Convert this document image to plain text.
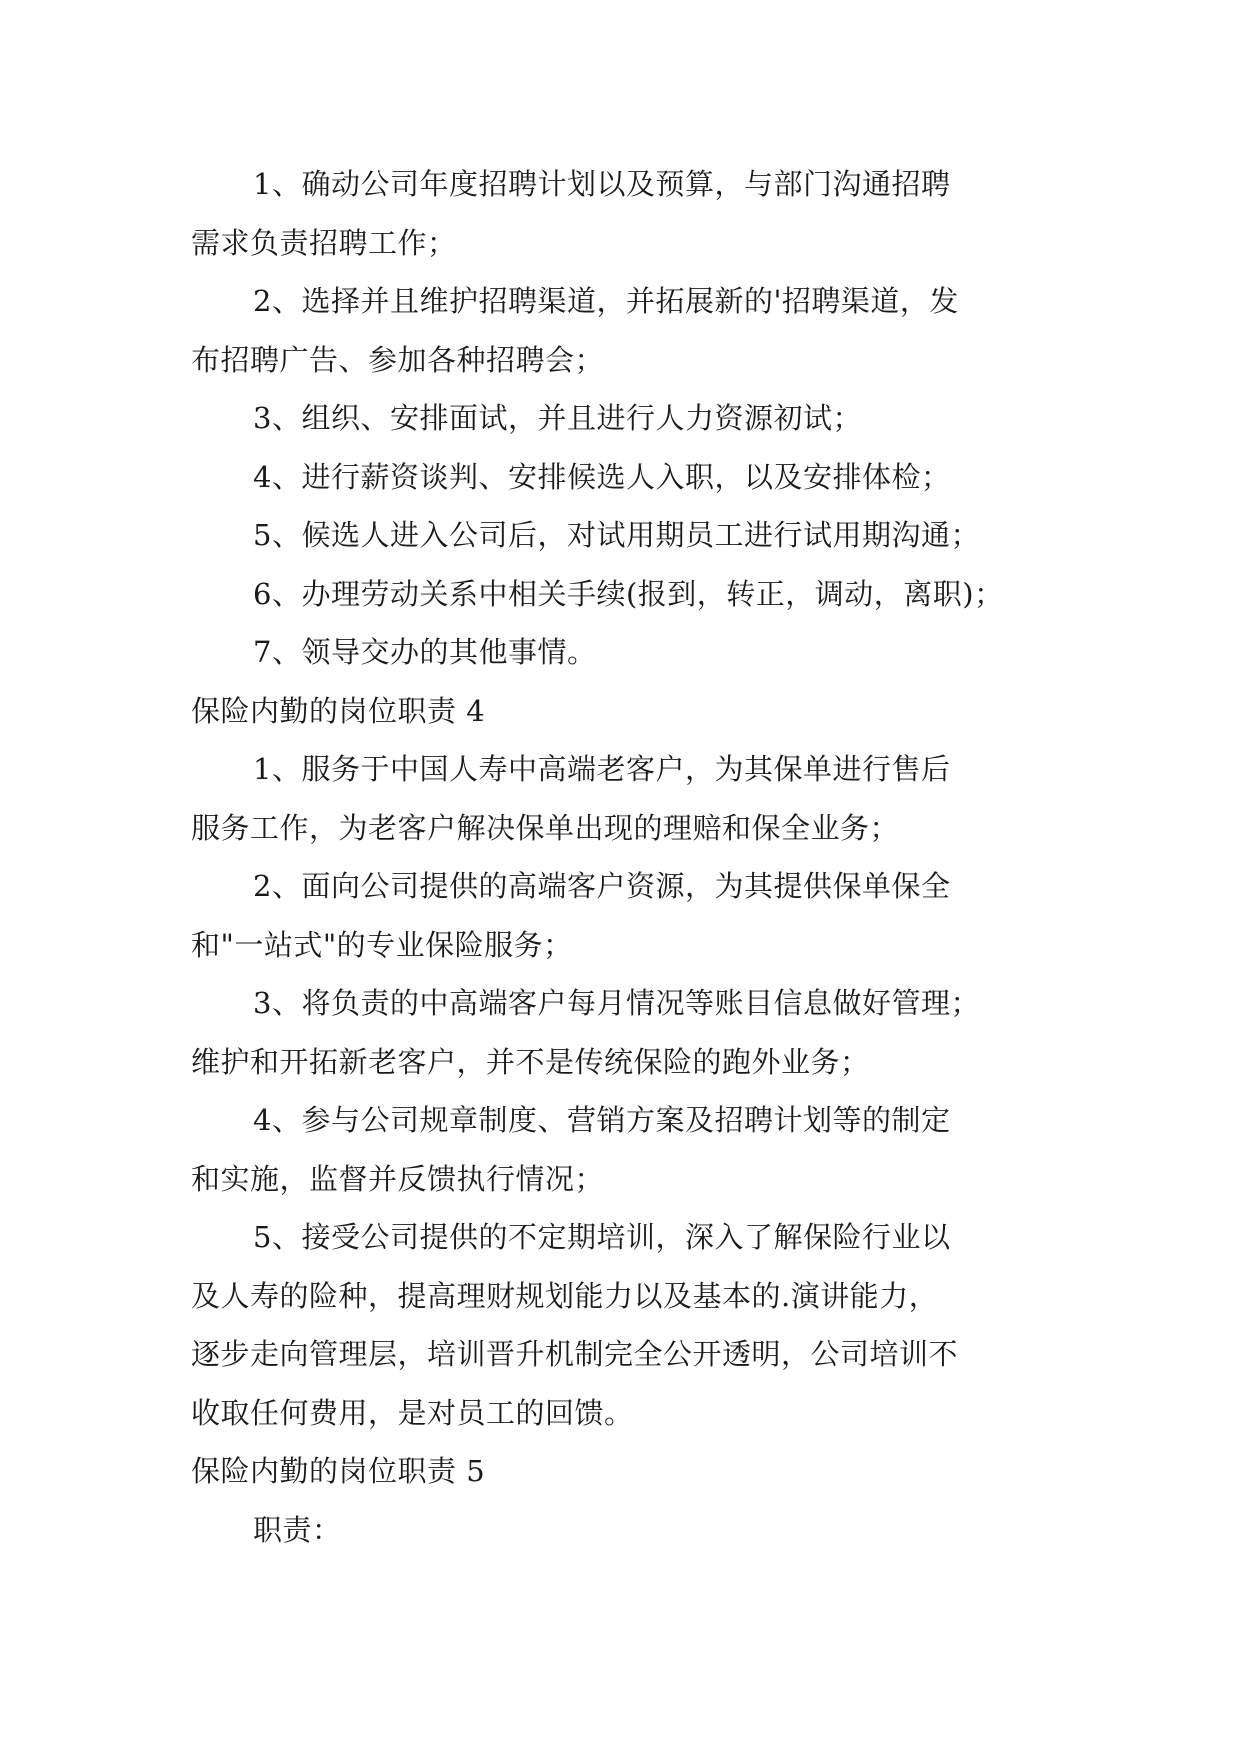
1、确动公司年度招聘计划以及预算，与部门沟通招聘
需求负责招聘工作；
2、选择并且维护招聘渠道，并拓展新的'招聘渠道，发
布招聘广告、参加各种招聘会；
3、组织、安排面试，并且进行人力资源初试；
4、进行薪资谈判、安排候选人入职，以及安排体检；
5、候选人进入公司后，对试用期员工进行试用期沟通；
6、办理劳动关系中相关手续(报到，转正，调动，离职)；
7、领导交办的其他事情。
保险内勤的岗位职责 4
1、服务于中国人寿中高端老客户，为其保单进行售后
服务工作，为老客户解决保单出现的理赔和保全业务；
2、面向公司提供的高端客户资源，为其提供保单保全
和"一站式"的专业保险服务；
3、将负责的中高端客户每月情况等账目信息做好管理；
维护和开拓新老客户，并不是传统保险的跑外业务；
4、参与公司规章制度、营销方案及招聘计划等的制定
和实施，监督并反馈执行情况；
5、接受公司提供的不定期培训，深入了解保险行业以
及人寿的险种，提高理财规划能力以及基本的.演讲能力，
逐步走向管理层，培训晋升机制完全公开透明，公司培训不
收取任何费用，是对员工的回馈。
保险内勤的岗位职责 5
职责：
